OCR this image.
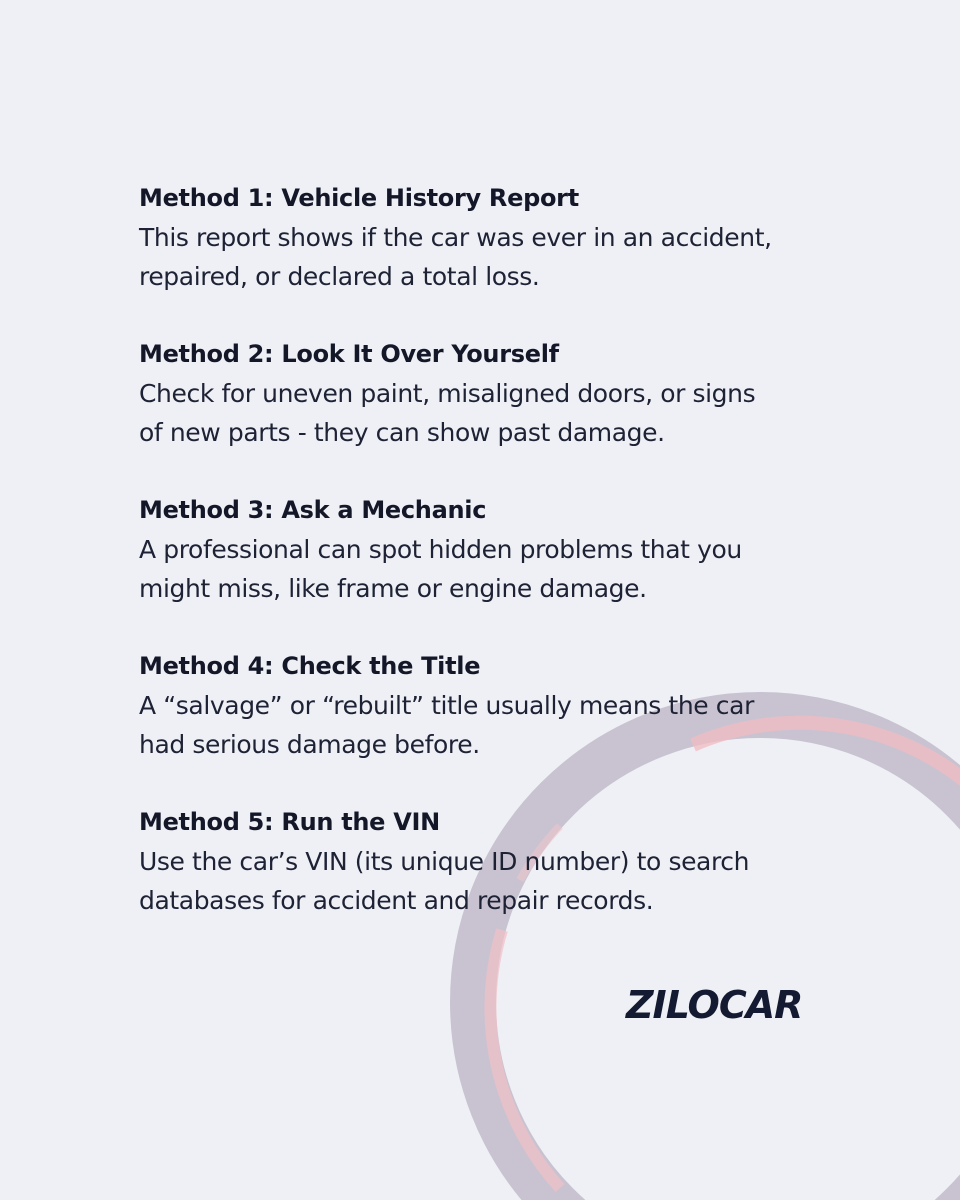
Method 1: Vehicle History Report
This report shows if the car was ever in an accident,
repaired, or declared a total loss.
Method 2: Look It Over Yourself
Check for uneven paint, misaligned doors, or signs
of new parts - they can show past damage.
Method 3: Ask a Mechanic
A professional can spot hidden problems that you
might miss, like frame or engine damage.
Method 4: Check the Title
A “salvage” or “rebuilt” title usually means the car
had serious damage before.
Method 5: Run the VIN
Use the car’s VIN (its unique ID number) to search
databases for accident and repair records.
ZILOCAR
